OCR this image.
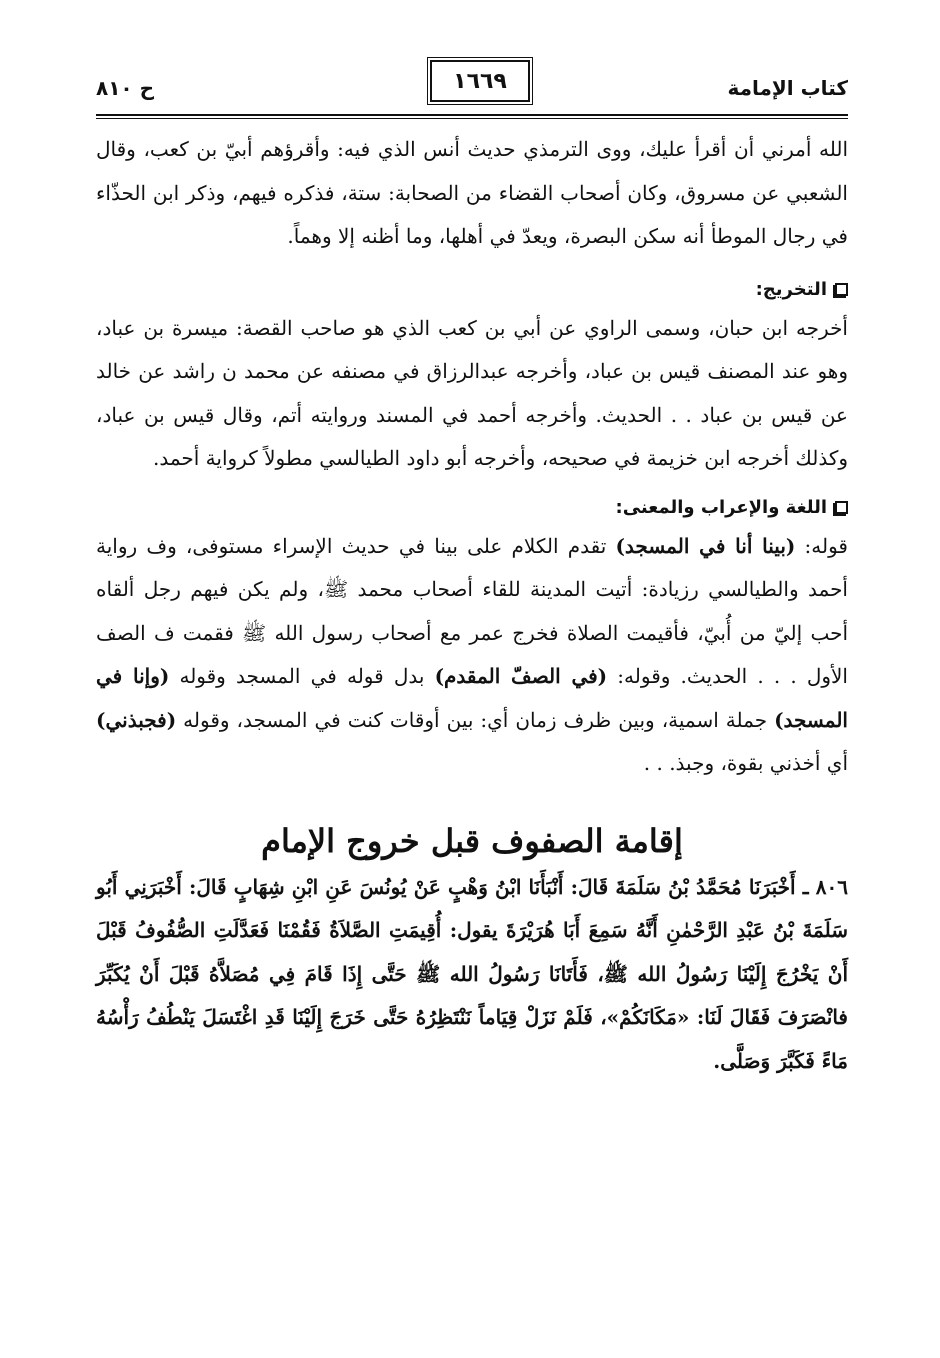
كتاب الإمامة
١٦٦٩
ح ٨١٠

الله أمرني أن أقرأ عليك، ووى الترمذي حديث أنس الذي فيه: وأقرؤهم أبيّ بن كعب، وقال الشعبي عن مسروق، وكان أصحاب القضاء من الصحابة: ستة، فذكره فيهم، وذكر ابن الحذّاء في رجال الموطأ أنه سكن البصرة، ويعدّ في أهلها، وما أظنه إلا وهماً.

التخريج:

أخرجه ابن حبان، وسمى الراوي عن أبي بن كعب الذي هو صاحب القصة: ميسرة بن عباد، وهو عند المصنف قيس بن عباد، وأخرجه عبدالرزاق في مصنفه عن محمد ن راشد عن خالد عن قيس بن عباد . . الحديث. وأخرجه أحمد في المسند وروايته أتم، وقال قيس بن عباد، وكذلك أخرجه ابن خزيمة في صحيحه، وأخرجه أبو داود الطيالسي مطولاً كرواية أحمد.

اللغة والإعراب والمعنى:

قوله: (بينا أنا في المسجد) تقدم الكلام على بينا في حديث الإسراء مستوفى، وف رواية أحمد والطيالسي رزيادة: أتيت المدينة للقاء أصحاب محمد ﷺ، ولم يكن فيهم رجل ألقاه أحب إليّ من أُبيّ، فأقيمت الصلاة فخرج عمر مع أصحاب رسول الله ﷺ فقمت ف الصف الأول . . . الحديث. وقوله: (في الصفّ المقدم) بدل قوله في المسجد وقوله (وإنا في المسجد) جملة اسمية، وبين ظرف زمان أي: بين أوقات كنت في المسجد، وقوله (فجبذني) أي أخذني بقوة، وجبذ. . .

إقامة الصفوف قبل خروج الإمام

٨٠٦ ـ أَخْبَرَنَا مُحَمَّدُ بْنُ سَلَمَةَ قَالَ: أَنْبَأَنَا ابْنُ وَهْبٍ عَنْ يُونُسَ عَنِ ابْنِ شِهَابٍ قَالَ: أَخْبَرَنِي أَبُو سَلَمَةَ بْنُ عَبْدِ الرَّحْمٰنِ أَنَّهُ سَمِعَ أَبَا هُرَيْرَةَ يقول: أُقِيمَتِ الصَّلاَةُ فَقُمْنَا فَعَدَّلَتِ الصُّفُوفُ قَبْلَ أَنْ يَخْرُجَ إِلَيْنَا رَسُولُ الله ﷺ، فَأَتَانَا رَسُولُ الله ﷺ حَتَّى إِذَا قَامَ فِي مُصَلاَّهُ قَبْلَ أَنْ يُكَبِّرَ فانْصَرَفَ فَقَالَ لَنَا: «مَكَانَكُمْ»، فَلَمْ نَزَلْ قِيَاماً نَنْتَظِرُهُ حَتَّى خَرَجَ إِلَيْنَا قَدِ اغْتَسَلَ يَنْطُفُ رَأْسُهُ مَاءً فَكَبَّرَ وَصَلَّى.
